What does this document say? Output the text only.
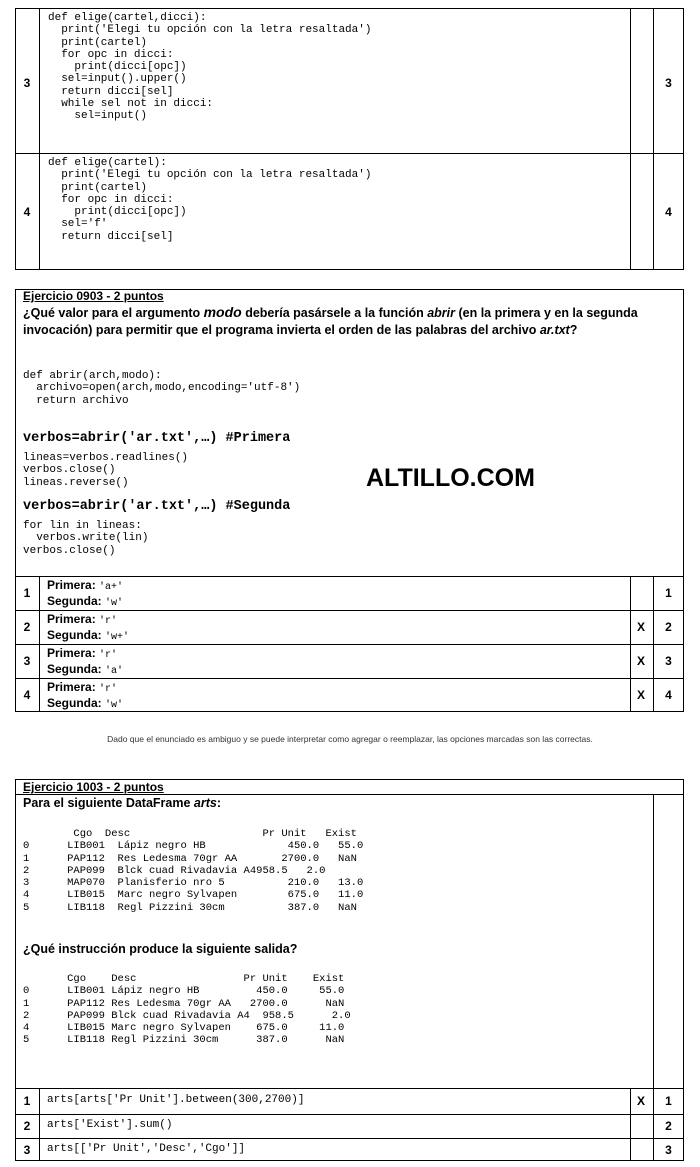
3
def elige(cartel,dicci):
print('Elegi tu opción con la letra resaltada')
print(cartel)
for opc in dicci:
print(dicci[opc])
sel=input().upper()
return dicci[sel]
while sel not in dicci:
sel=input()
3
4
def elige(cartel):
print('Elegi tu opción con la letra resaltada')
print(cartel)
for opc in dicci:
print(dicci[opc])
sel='f'
return dicci[sel]
4
Ejercicio 0903 - 2 puntos
¿Qué valor para el argumento modo debería pasársele a la función abrir (en la primera y en la segunda invocación) para permitir que el programa invierta el orden de las palabras del archivo ar.txt?
def abrir(arch,modo):
archivo=open(arch,modo,encoding='utf-8')
return archivo
verbos=abrir('ar.txt',…) #Primera
lineas=verbos.readlines()
verbos.close()
lineas.reverse()
verbos=abrir('ar.txt',…) #Segunda
for lin in lineas:
verbos.write(lin)
verbos.close()
ALTILLO.COM
1
Primera: 'a+'
Segunda: 'w'
1
2
Primera: 'r'
Segunda: 'w+'
X	2
3
Primera: 'r'
Segunda: 'a'
X	3
4
Primera: 'r'
Segunda: 'w'
X	4
Dado que el enunciado es ambiguo y se puede interpretar como agregar o reemplazar, las opciones marcadas son las correctas.
Ejercicio 1003 - 2 puntos
Para el siguiente DataFrame arts:
Cgo  Desc                     Pr Unit   Exist
0      LIB001  Lápiz negro HB             450.0   55.0
1      PAP112  Res Ledesma 70gr AA       2700.0   NaN
2      PAP099  Blck cuad Rivadavia A4958.5   2.0
3      MAP070  Planisferio nro 5          210.0   13.0
4      LIB015  Marc negro Sylvapen        675.0   11.0
5      LIB118  Regl Pizzini 30cm          387.0   NaN
¿Qué instrucción produce la siguiente salida?
Cgo    Desc                 Pr Unit    Exist
0      LIB001 Lápiz negro HB         450.0     55.0
1      PAP112 Res Ledesma 70gr AA   2700.0      NaN
2      PAP099 Blck cuad Rivadavia A4  958.5      2.0
4      LIB015 Marc negro Sylvapen    675.0     11.0
5      LIB118 Regl Pizzini 30cm      387.0      NaN
1	arts[arts['Pr Unit'].between(300,2700)]	X	1
2	arts['Exist'].sum()	2
3	arts[['Pr Unit','Desc','Cgo']]	3
